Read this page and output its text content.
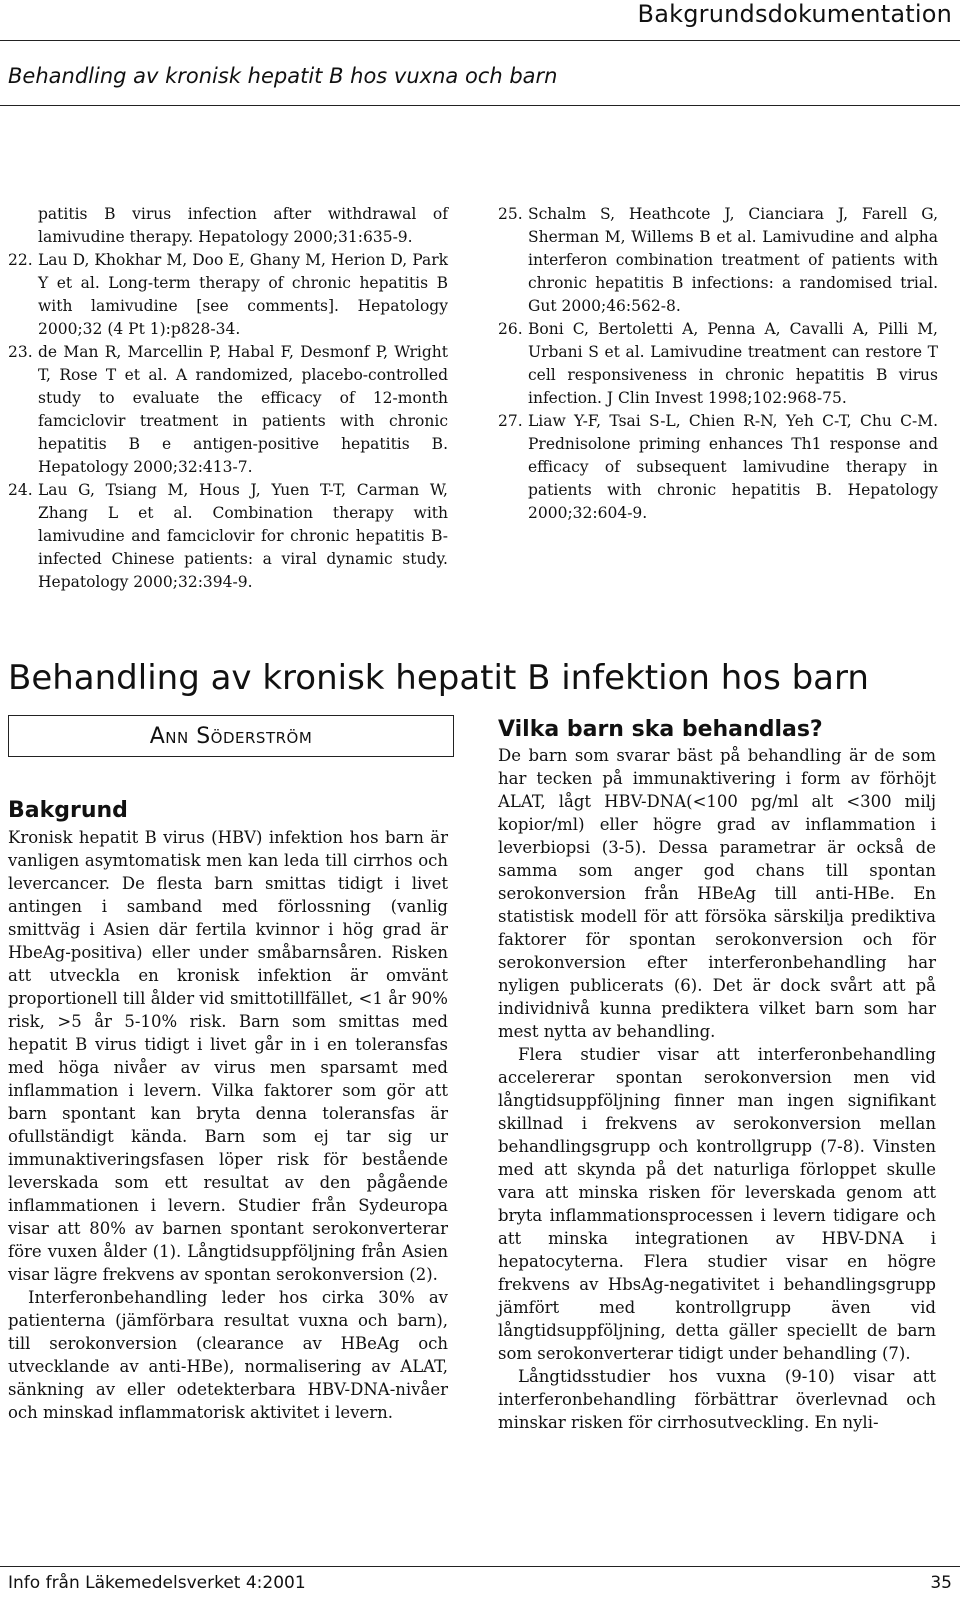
Bakgrundsdokumentation
Behandling av kronisk hepatit B hos vuxna och barn

patitis B virus infection after withdrawal of lamivudine therapy. Hepatology 2000;31:635-9.

22. Lau D, Khokhar M, Doo E, Ghany M, Herion D, Park Y et al. Long-term therapy of chronic hepatitis B with lamivudine [see comments]. Hepatology 2000;32 (4 Pt 1):p828-34.

23. de Man R, Marcellin P, Habal F, Desmonf P, Wright T, Rose T et al. A randomized, placebo-controlled study to evaluate the efficacy of 12-month famciclovir treatment in patients with chronic hepatitis B e antigen-positive hepatitis B. Hepatology 2000;32:413-7.

24. Lau G, Tsiang M, Hous J, Yuen T-T, Carman W, Zhang L et al. Combination therapy with lamivudine and famciclovir for chronic hepatitis B-infected Chinese patients: a viral dynamic study. Hepatology 2000;32:394-9.

25. Schalm S, Heathcote J, Cianciara J, Farell G, Sherman M, Willems B et al. Lamivudine and alpha interferon combination treatment of patients with chronic hepatitis B infections: a randomised trial. Gut 2000;46:562-8.

26. Boni C, Bertoletti A, Penna A, Cavalli A, Pilli M, Urbani S et al. Lamivudine treatment can restore T cell responsiveness in chronic hepatitis B virus infection. J Clin Invest 1998;102:968-75.

27. Liaw Y-F, Tsai S-L, Chien R-N, Yeh C-T, Chu C-M. Prednisolone priming enhances Th1 response and efficacy of subsequent lamivudine therapy in patients with chronic hepatitis B. Hepatology 2000;32:604-9.

Behandling av kronisk hepatit B infektion hos barn
Ann Söderström
Bakgrund

Kronisk hepatit B virus (HBV) infektion hos barn är vanligen asymtomatisk men kan leda till cirrhos och levercancer. De flesta barn smittas tidigt i livet antingen i samband med förlossning (vanlig smittväg i Asien där fertila kvinnor i hög grad är HbeAg-positiva) eller under småbarnsåren. Risken att utveckla en kronisk infektion är omvänt proportionell till ålder vid smittotillfället, <1 år 90% risk, >5 år 5-10% risk. Barn som smittas med hepatit B virus tidigt i livet går in i en toleransfas med höga nivåer av virus men sparsamt med inflammation i levern. Vilka faktorer som gör att barn spontant kan bryta denna toleransfas är ofullständigt kända. Barn som ej tar sig ur immunaktiveringsfasen löper risk för bestående leverskada som ett resultat av den pågående inflammationen i levern. Studier från Sydeuropa visar att 80% av barnen spontant serokonverterar före vuxen ålder (1). Långtidsuppföljning från Asien visar lägre frekvens av spontan serokonversion (2).

Interferonbehandling leder hos cirka 30% av patienterna (jämförbara resultat vuxna och barn), till serokonversion (clearance av HBeAg och utvecklande av anti-HBe), normalisering av ALAT, sänkning av eller odetekterbara HBV-DNA-nivåer och minskad inflammatorisk aktivitet i levern.

Vilka barn ska behandlas?

De barn som svarar bäst på behandling är de som har tecken på immunaktivering i form av förhöjt ALAT, lågt HBV-DNA(<100 pg/ml alt <300 milj kopior/ml) eller högre grad av inflammation i leverbiopsi (3-5). Dessa parametrar är också de samma som anger god chans till spontan serokonversion från HBeAg till anti-HBe. En statistisk modell för att försöka särskilja prediktiva faktorer för spontan serokonversion och för serokonversion efter interferonbehandling har nyligen publicerats (6). Det är dock svårt att på individnivå kunna prediktera vilket barn som har mest nytta av behandling.

Flera studier visar att interferonbehandling accelererar spontan serokonversion men vid långtidsuppföljning finner man ingen signifikant skillnad i frekvens av serokonversion mellan behandlingsgrupp och kontrollgrupp (7-8). Vinsten med att skynda på det naturliga förloppet skulle vara att minska risken för leverskada genom att bryta inflammationsprocessen i levern tidigare och att minska integrationen av HBV-DNA i hepatocyterna. Flera studier visar en högre frekvens av HbsAg-negativitet i behandlingsgrupp jämfört med kontrollgrupp även vid långtidsuppföljning, detta gäller speciellt de barn som serokonverterar tidigt under behandling (7).

Långtidsstudier hos vuxna (9-10) visar att interferonbehandling förbättrar överlevnad och minskar risken för cirrhosutveckling. En nyli-

Info från Läkemedelsverket 4:2001	35
